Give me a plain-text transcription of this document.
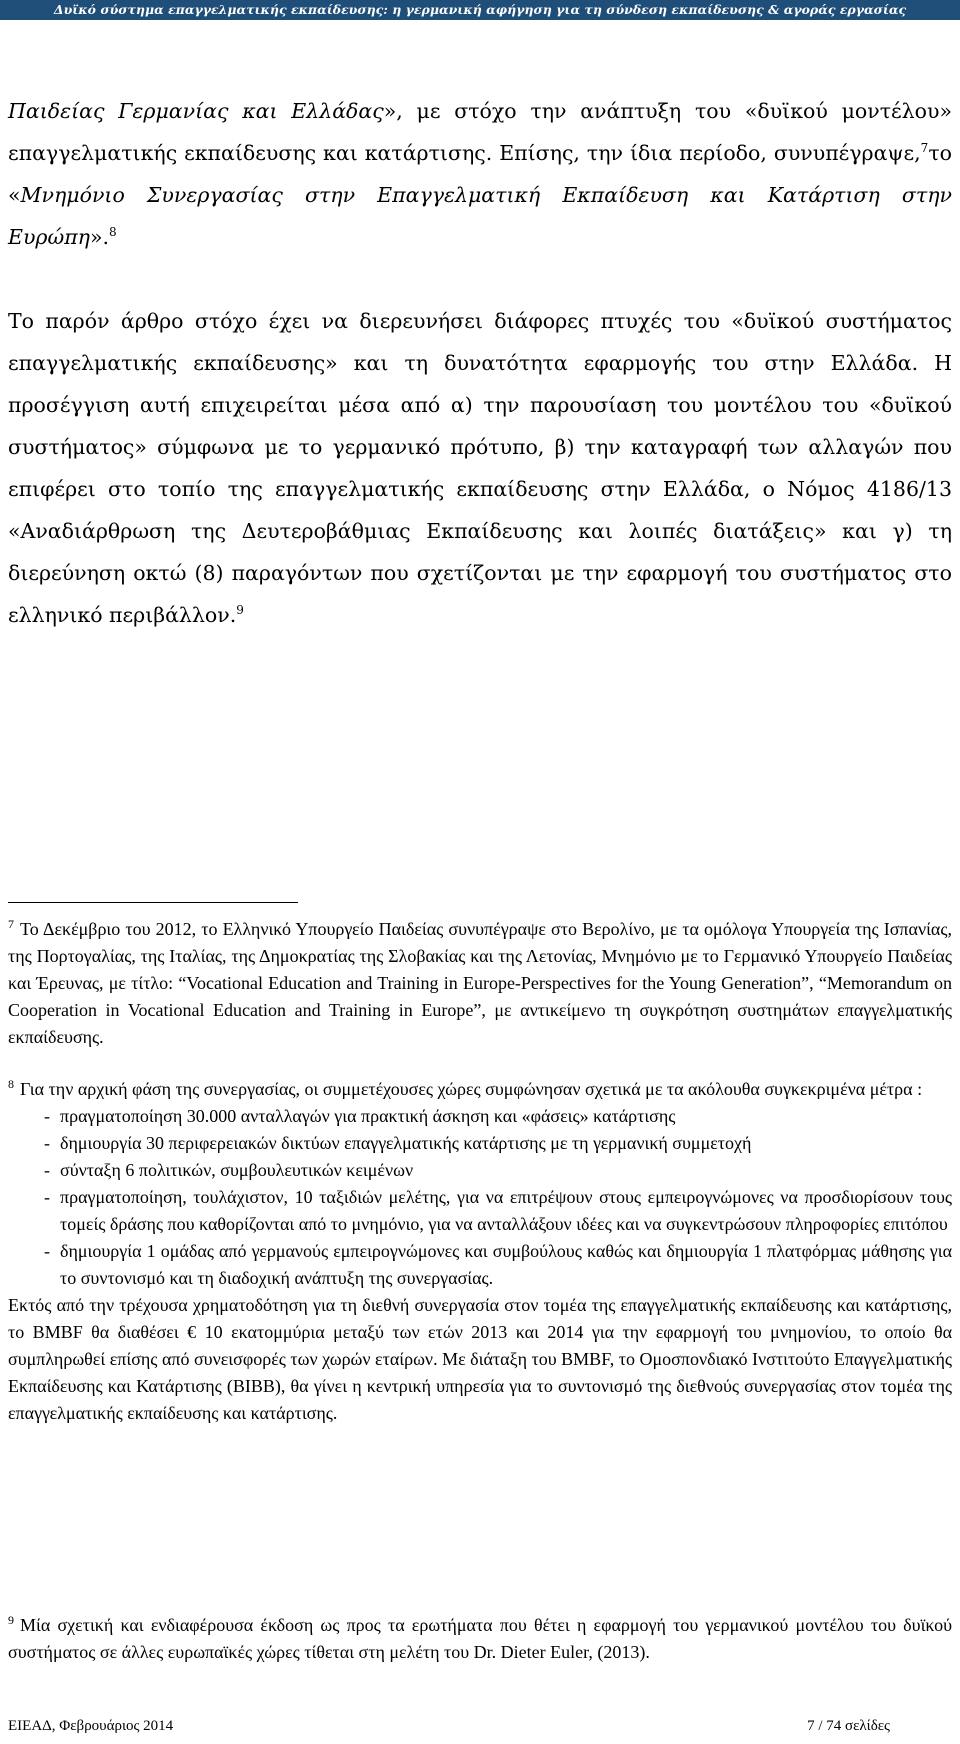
Δυϊκό σύστημα επαγγελματικής εκπαίδευσης: η γερμανική αφήγηση για τη σύνδεση εκπαίδευσης & αγοράς εργασίας

Παιδείας Γερμανίας και Ελλάδας», με στόχο την ανάπτυξη του «δυϊκού μοντέλου» επαγγελματικής εκπαίδευσης και κατάρτισης. Επίσης, την ίδια περίοδο, συνυπέγραψε,$^7$το «Μνημόνιο Συνεργασίας στην Επαγγελματική Εκπαίδευση και Κατάρτιση στην Ευρώπη».$^8$

Το παρόν άρθρο στόχο έχει να διερευνήσει διάφορες πτυχές του «δυϊκού συστήματος επαγγελματικής εκπαίδευσης» και τη δυνατότητα εφαρμογής του στην Ελλάδα. Η προσέγγιση αυτή επιχειρείται μέσα από α) την παρουσίαση του μοντέλου του «δυϊκού συστήματος» σύμφωνα με το γερμανικό πρότυπο, β) την καταγραφή των αλλαγών που επιφέρει στο τοπίο της επαγγελματικής εκπαίδευσης στην Ελλάδα, ο Νόμος 4186/13 «Αναδιάρθρωση της Δευτεροβάθμιας Εκπαίδευσης και λοιπές διατάξεις» και γ) τη διερεύνηση οκτώ (8) παραγόντων που σχετίζονται με την εφαρμογή του συστήματος στο ελληνικό περιβάλλον.$^9$

$^7$ Το Δεκέμβριο του 2012, το Ελληνικό Υπουργείο Παιδείας συνυπέγραψε στο Βερολίνο, με τα ομόλογα Υπουργεία της Ισπανίας, της Πορτογαλίας, της Ιταλίας, της Δημοκρατίας της Σλοβακίας και της Λετονίας, Μνημόνιο με το Γερμανικό Υπουργείο Παιδείας και Έρευνας, με τίτλο: “Vocational Education and Training in Europe-Perspectives for the Young Generation”, “Memorandum on Cooperation in Vocational Education and Training in Europe”, με αντικείμενο τη συγκρότηση συστημάτων επαγγελματικής εκπαίδευσης.
$^8$ Για την αρχική φάση της συνεργασίας, οι συμμετέχουσες χώρες συμφώνησαν σχετικά με τα ακόλουθα συγκεκριμένα μέτρα :
- πραγματοποίηση 30.000 ανταλλαγών για πρακτική άσκηση και «φάσεις» κατάρτισης
- δημιουργία 30 περιφερειακών δικτύων επαγγελματικής κατάρτισης με τη γερμανική συμμετοχή
- σύνταξη 6 πολιτικών, συμβουλευτικών κειμένων
- πραγματοποίηση, τουλάχιστον, 10 ταξιδιών μελέτης, για να επιτρέψουν στους εμπειρογνώμονες να προσδιορίσουν τους τομείς δράσης που καθορίζονται από το μνημόνιο, για να ανταλλάξουν ιδέες και να συγκεντρώσουν πληροφορίες επιτόπου
- δημιουργία 1 ομάδας από γερμανούς εμπειρογνώμονες και συμβούλους καθώς και δημιουργία 1 πλατφόρμας μάθησης για το συντονισμό και τη διαδοχική ανάπτυξη της συνεργασίας.
Εκτός από την τρέχουσα χρηματοδότηση για τη διεθνή συνεργασία στον τομέα της επαγγελματικής εκπαίδευσης και κατάρτισης, το BMBF θα διαθέσει € 10 εκατομμύρια μεταξύ των ετών 2013 και 2014 για την εφαρμογή του μνημονίου, το οποίο θα συμπληρωθεί επίσης από συνεισφορές των χωρών εταίρων. Με διάταξη του BMBF, το Ομοσπονδιακό Ινστιτούτο Επαγγελματικής Εκπαίδευσης και Κατάρτισης (BIBB), θα γίνει η κεντρική υπηρεσία για το συντονισμό της διεθνούς συνεργασίας στον τομέα της επαγγελματικής εκπαίδευσης και κατάρτισης.
$^9$ Μία σχετική και ενδιαφέρουσα έκδοση ως προς τα ερωτήματα που θέτει η εφαρμογή του γερμανικού μοντέλου του δυϊκού συστήματος σε άλλες ευρωπαϊκές χώρες τίθεται στη μελέτη του Dr. Dieter Euler, (2013).
ΕΙΕΑΔ, Φεβρουάριος 2014	7 / 74 σελίδες
